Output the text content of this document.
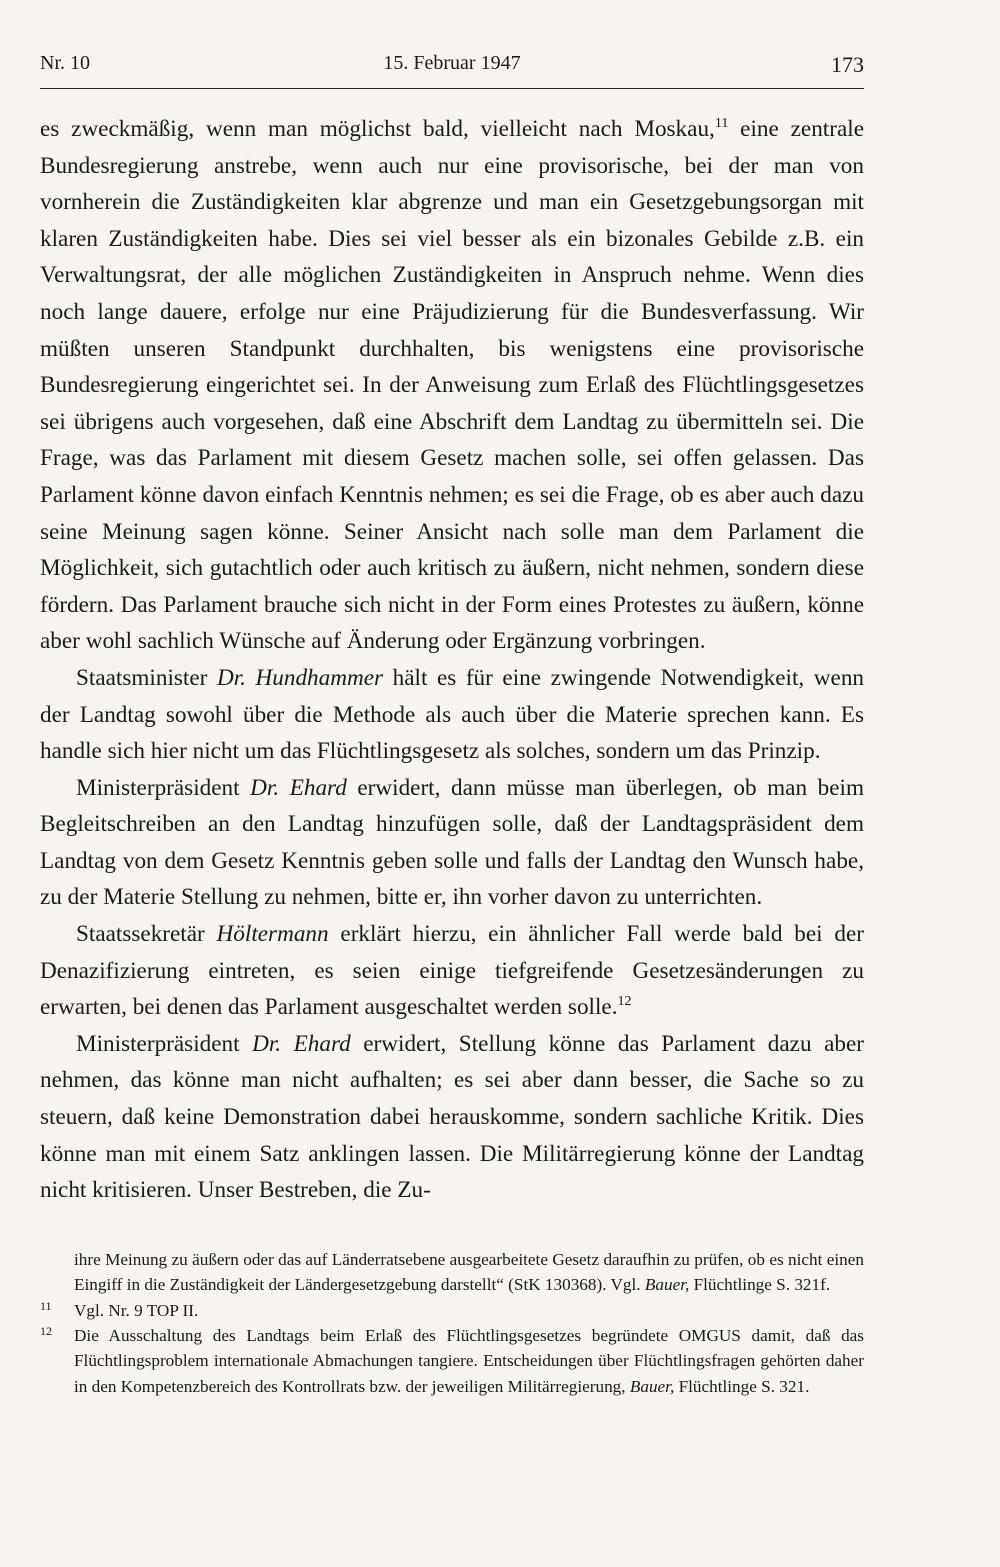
Nr. 10	15. Februar 1947	173

es zweckmäßig, wenn man möglichst bald, vielleicht nach Moskau,$^{11}$ eine zentrale Bundesregierung anstrebe, wenn auch nur eine provisorische, bei der man von vornherein die Zuständigkeiten klar abgrenze und man ein Gesetzgebungsorgan mit klaren Zuständigkeiten habe. Dies sei viel besser als ein bizonales Gebilde z.B. ein Verwaltungsrat, der alle möglichen Zuständigkeiten in Anspruch nehme. Wenn dies noch lange dauere, erfolge nur eine Präjudizierung für die Bundesverfassung. Wir müßten unseren Standpunkt durchhalten, bis wenigstens eine provisorische Bundesregierung eingerichtet sei. In der Anweisung zum Erlaß des Flüchtlingsgesetzes sei übrigens auch vorgesehen, daß eine Abschrift dem Landtag zu übermitteln sei. Die Frage, was das Parlament mit diesem Gesetz machen solle, sei offen gelassen. Das Parlament könne davon einfach Kenntnis nehmen; es sei die Frage, ob es aber auch dazu seine Meinung sagen könne. Seiner Ansicht nach solle man dem Parlament die Möglichkeit, sich gutachtlich oder auch kritisch zu äußern, nicht nehmen, sondern diese fördern. Das Parlament brauche sich nicht in der Form eines Protestes zu äußern, könne aber wohl sachlich Wünsche auf Änderung oder Ergänzung vorbringen.

Staatsminister Dr. Hundhammer hält es für eine zwingende Notwendigkeit, wenn der Landtag sowohl über die Methode als auch über die Materie sprechen kann. Es handle sich hier nicht um das Flüchtlingsgesetz als solches, sondern um das Prinzip.

Ministerpräsident Dr. Ehard erwidert, dann müsse man überlegen, ob man beim Begleitschreiben an den Landtag hinzufügen solle, daß der Landtagspräsident dem Landtag von dem Gesetz Kenntnis geben solle und falls der Landtag den Wunsch habe, zu der Materie Stellung zu nehmen, bitte er, ihn vorher davon zu unterrichten.

Staatssekretär Höltermann erklärt hierzu, ein ähnlicher Fall werde bald bei der Denazifizierung eintreten, es seien einige tiefgreifende Gesetzesänderungen zu erwarten, bei denen das Parlament ausgeschaltet werden solle.$^{12}$

Ministerpräsident Dr. Ehard erwidert, Stellung könne das Parlament dazu aber nehmen, das könne man nicht aufhalten; es sei aber dann besser, die Sache so zu steuern, daß keine Demonstration dabei herauskomme, sondern sachliche Kritik. Dies könne man mit einem Satz anklingen lassen. Die Militärregierung könne der Landtag nicht kritisieren. Unser Bestreben, die Zu-

ihre Meinung zu äußern oder das auf Länderratsebene ausgearbeitete Gesetz daraufhin zu prüfen, ob es nicht einen Eingiff in die Zuständigkeit der Ländergesetzgebung darstellt“ (StK 130368). Vgl. Bauer, Flüchtlinge S. 321f.
11 Vgl. Nr. 9 TOP II.
12 Die Ausschaltung des Landtags beim Erlaß des Flüchtlingsgesetzes begründete OMGUS damit, daß das Flüchtlingsproblem internationale Abmachungen tangiere. Entscheidungen über Flüchtlingsfragen gehörten daher in den Kompetenzbereich des Kontrollrats bzw. der jeweiligen Militärregierung, Bauer, Flüchtlinge S. 321.
